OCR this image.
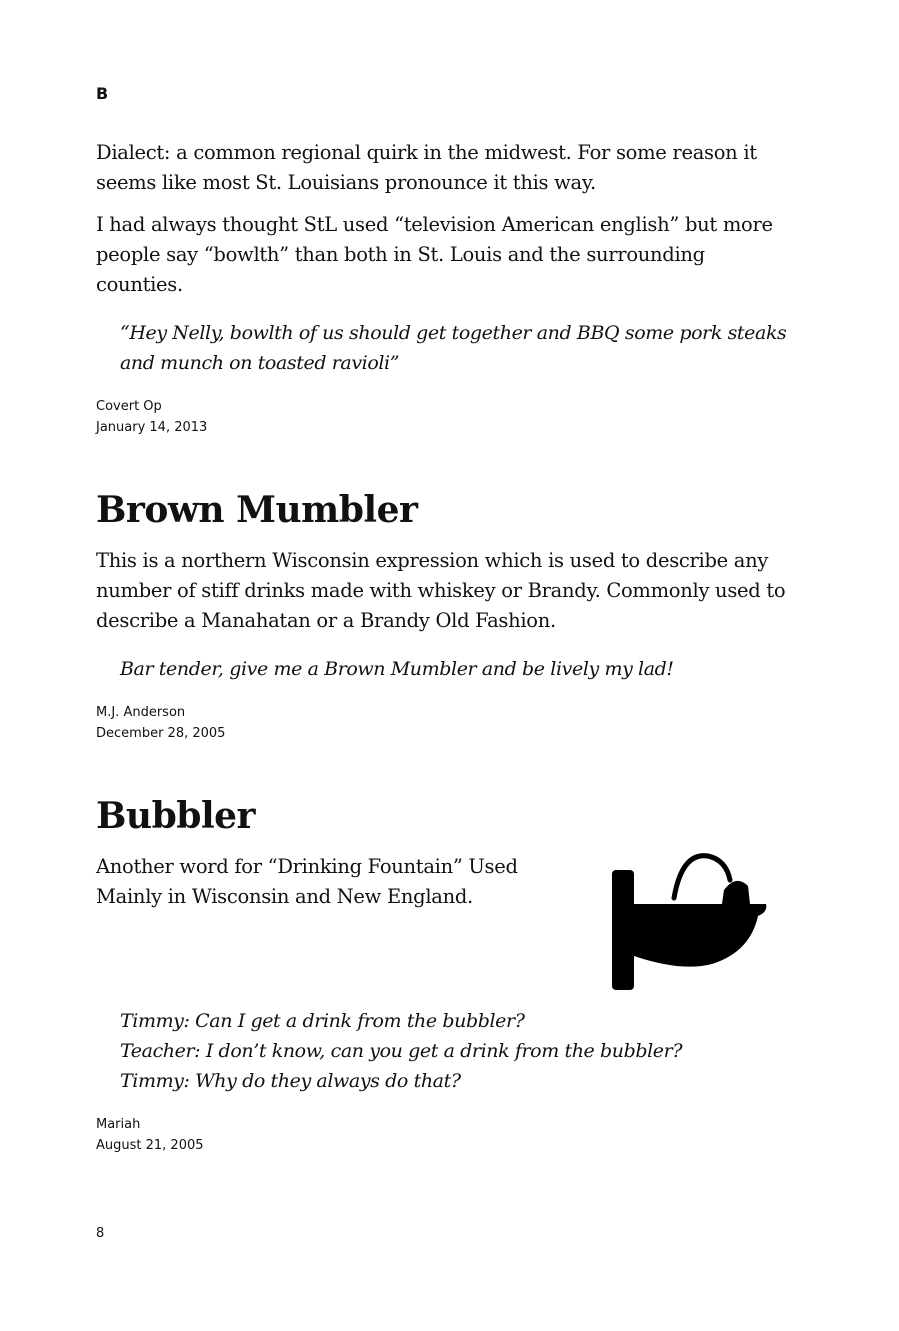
B

Dialect: a common regional quirk in the midwest. For some reason it seems like most St. Louisians pronounce it this way.

I had always thought StL used “television American english” but more people say “bowlth” than both in St. Louis and the surrounding counties.

“Hey Nelly, bowlth of us should get together and BBQ some pork steaks and munch on toasted ravioli”

Covert Op
January 14, 2013
Brown Mumbler

This is a northern Wisconsin expression which is used to describe any number of stiff drinks made with whiskey or Brandy. Commonly used to describe a Manahatan or a Brandy Old Fashion.

Bar tender, give me a Brown Mumbler and be lively my lad!

M.J. Anderson
December 28, 2005
Bubbler
Another word for “Drinking Fountain” Used
Mainly in Wisconsin and New England.
Timmy: Can I get a drink from the bubbler?
Teacher: I don’t know, can you get a drink from the bubbler?
Timmy: Why do they always do that?
Mariah
August 21, 2005
8
